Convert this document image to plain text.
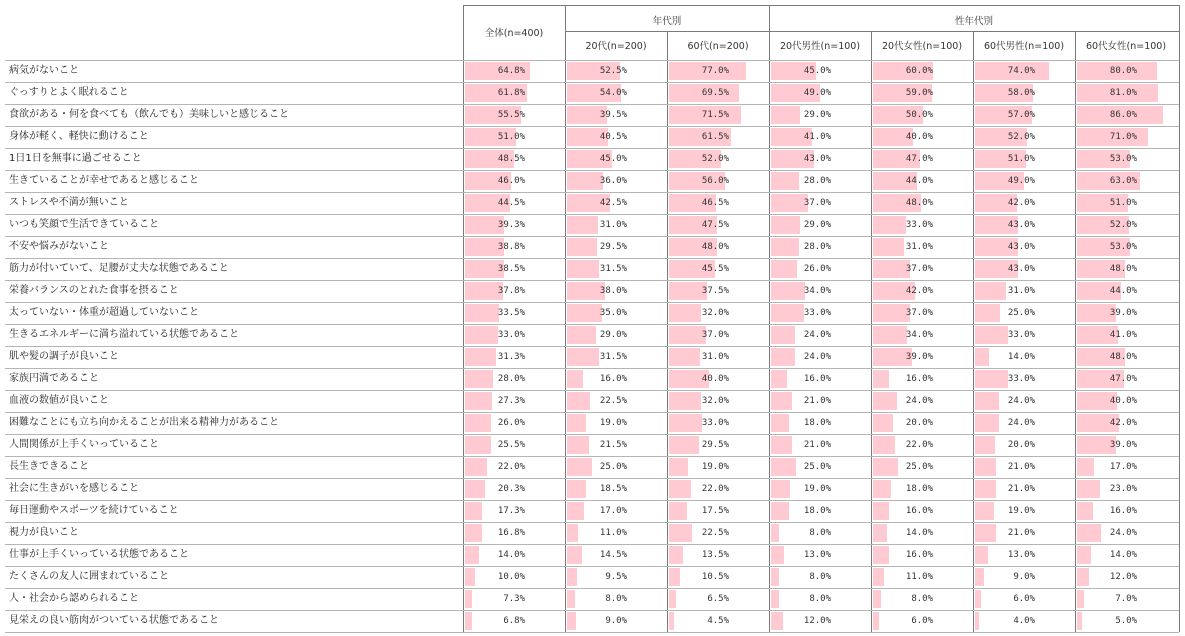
全体(n=400)
年代別	性年代別
20代(n=200)	60代(n=200)	20代男性(n=100)	20代女性(n=100)	60代男性(n=100)	60代女性(n=100)
病気がないこと	64.8%	52.5%	77.0%	45.0%	60.0%	74.0%	80.0%
ぐっすりとよく眠れること	61.8%	54.0%	69.5%	49.0%	59.0%	58.0%	81.0%
食欲がある・何を食べても（飲んでも）美味しいと感じること	55.5%	39.5%	71.5%	29.0%	50.0%	57.0%	86.0%
身体が軽く、軽快に動けること	51.0%	40.5%	61.5%	41.0%	40.0%	52.0%	71.0%
1日1日を無事に過ごせること	48.5%	45.0%	52.0%	43.0%	47.0%	51.0%	53.0%
生きていることが幸せであると感じること	46.0%	36.0%	56.0%	28.0%	44.0%	49.0%	63.0%
ストレスや不満が無いこと	44.5%	42.5%	46.5%	37.0%	48.0%	42.0%	51.0%
いつも笑顔で生活できていること	39.3%	31.0%	47.5%	29.0%	33.0%	43.0%	52.0%
不安や悩みがないこと	38.8%	29.5%	48.0%	28.0%	31.0%	43.0%	53.0%
筋力が付いていて、足腰が丈夫な状態であること	38.5%	31.5%	45.5%	26.0%	37.0%	43.0%	48.0%
栄養バランスのとれた食事を摂ること	37.8%	38.0%	37.5%	34.0%	42.0%	31.0%	44.0%
太っていない・体重が超過していないこと	33.5%	35.0%	32.0%	33.0%	37.0%	25.0%	39.0%
生きるエネルギーに満ち溢れている状態であること	33.0%	29.0%	37.0%	24.0%	34.0%	33.0%	41.0%
肌や髪の調子が良いこと	31.3%	31.5%	31.0%	24.0%	39.0%	14.0%	48.0%
家族円満であること	28.0%	16.0%	40.0%	16.0%	16.0%	33.0%	47.0%
血液の数値が良いこと	27.3%	22.5%	32.0%	21.0%	24.0%	24.0%	40.0%
困難なことにも立ち向かえることが出来る精神力があること	26.0%	19.0%	33.0%	18.0%	20.0%	24.0%	42.0%
人間関係が上手くいっていること	25.5%	21.5%	29.5%	21.0%	22.0%	20.0%	39.0%
長生きできること	22.0%	25.0%	19.0%	25.0%	25.0%	21.0%	17.0%
社会に生きがいを感じること	20.3%	18.5%	22.0%	19.0%	18.0%	21.0%	23.0%
毎日運動やスポーツを続けていること	17.3%	17.0%	17.5%	18.0%	16.0%	19.0%	16.0%
視力が良いこと	16.8%	11.0%	22.5%	8.0%	14.0%	21.0%	24.0%
仕事が上手くいっている状態であること	14.0%	14.5%	13.5%	13.0%	16.0%	13.0%	14.0%
たくさんの友人に囲まれていること	10.0%	9.5%	10.5%	8.0%	11.0%	9.0%	12.0%
人・社会から認められること	7.3%	8.0%	6.5%	8.0%	8.0%	6.0%	7.0%
見栄えの良い筋肉がついている状態であること	6.8%	9.0%	4.5%	12.0%	6.0%	4.0%	5.0%
